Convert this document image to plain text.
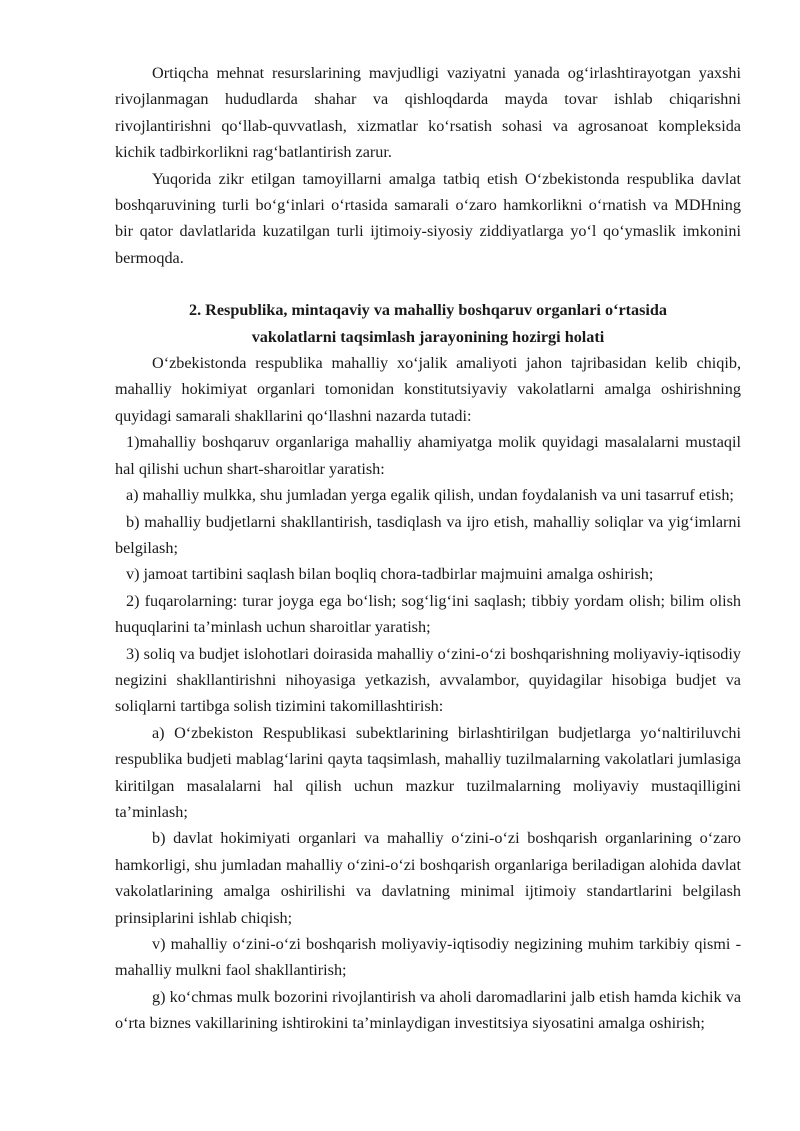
Ortiqcha mehnat resurslarining mavjudligi vaziyatni yanada og‘irlashtirayotgan yaxshi rivojlanmagan hududlarda shahar va qishloqdarda mayda tovar ishlab chiqarishni rivojlantirishni qo‘llab-quvvatlash, xizmatlar ko‘rsatish sohasi va agrosanoat kompleksida kichik tadbirkorlikni rag‘batlantirish zarur.

Yuqorida zikr etilgan tamoyillarni amalga tatbiq etish O‘zbekistonda respublika davlat boshqaruvining turli bo‘g‘inlari o‘rtasida samarali o‘zaro hamkorlikni o‘rnatish va MDHning bir qator davlatlarida kuzatilgan turli ijtimoiy-siyosiy ziddiyatlarga yo‘l qo‘ymaslik imkonini bermoqda.

2. Respublika, mintaqaviy va mahalliy boshqaruv organlari o‘rtasida
vakolatlarni taqsimlash jarayonining hozirgi holati

O‘zbekistonda respublika mahalliy xo‘jalik amaliyoti jahon tajribasidan kelib chiqib, mahalliy hokimiyat organlari tomonidan konstitutsiyaviy vakolatlarni amalga oshirishning quyidagi samarali shakllarini qo‘llashni nazarda tutadi:

1)mahalliy boshqaruv organlariga mahalliy ahamiyatga molik quyidagi masalalarni mustaqil hal qilishi uchun shart-sharoitlar yaratish:

a) mahalliy mulkka, shu jumladan yerga egalik qilish, undan foydalanish va uni tasarruf etish;

b) mahalliy budjetlarni shakllantirish, tasdiqlash va ijro etish, mahalliy soliqlar va yig‘imlarni belgilash;

v) jamoat tartibini saqlash bilan boqliq chora-tadbirlar majmuini amalga oshirish;

2) fuqarolarning: turar joyga ega bo‘lish; sog‘lig‘ini saqlash; tibbiy yordam olish; bilim olish huquqlarini ta’minlash uchun sharoitlar yaratish;

3) soliq va budjet islohotlari doirasida mahalliy o‘zini-o‘zi boshqarishning moliyaviy-iqtisodiy negizini shakllantirishni nihoyasiga yetkazish, avvalambor, quyidagilar hisobiga budjet va soliqlarni tartibga solish tizimini takomillashtirish:

a) O‘zbekiston Respublikasi subektlarining birlashtirilgan budjetlarga yo‘naltiriluvchi respublika budjeti mablag‘larini qayta taqsimlash, mahalliy tuzilmalarning vakolatlari jumlasiga kiritilgan masalalarni hal qilish uchun mazkur tuzilmalarning moliyaviy mustaqilligini ta’minlash;

b) davlat hokimiyati organlari va mahalliy o‘zini-o‘zi boshqarish organlarining o‘zaro hamkorligi, shu jumladan mahalliy o‘zini-o‘zi boshqarish organlariga beriladigan alohida davlat vakolatlarining amalga oshirilishi va davlatning minimal ijtimoiy standartlarini belgilash prinsiplarini ishlab chiqish;

v) mahalliy o‘zini-o‘zi boshqarish moliyaviy-iqtisodiy negizining muhim tarkibiy qismi - mahalliy mulkni faol shakllantirish;

g) ko‘chmas mulk bozorini rivojlantirish va aholi daromadlarini jalb etish hamda kichik va o‘rta biznes vakillarining ishtirokini ta’minlaydigan investitsiya siyosatini amalga oshirish;
